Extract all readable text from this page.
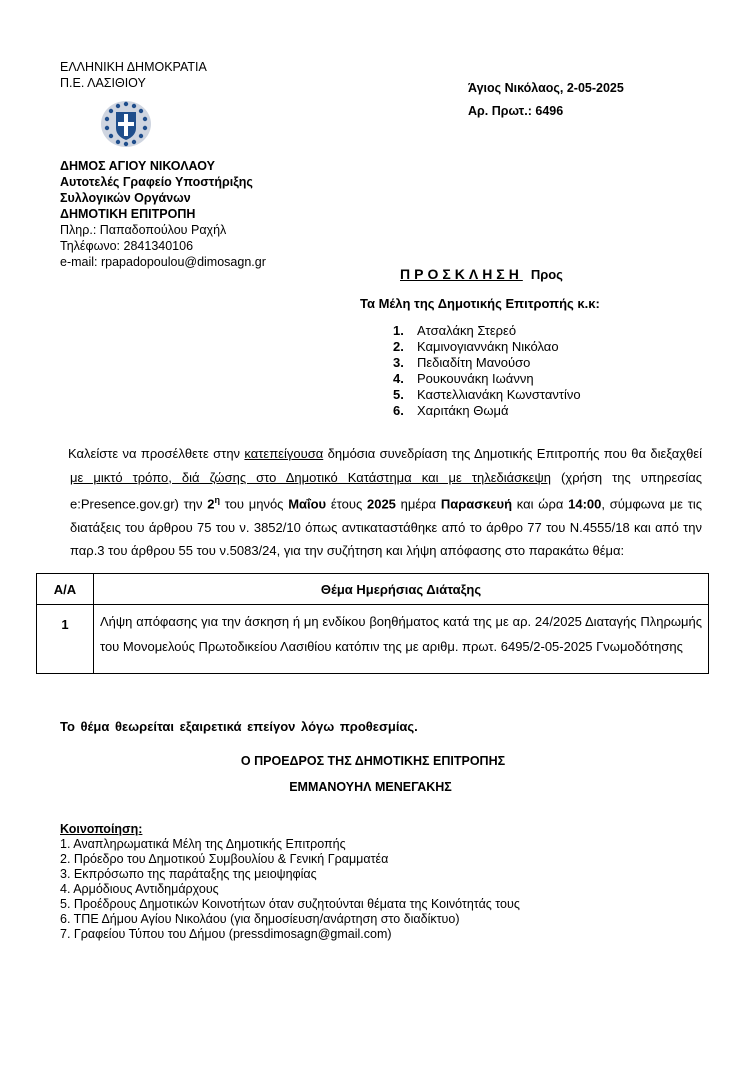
ΕΛΛΗΝΙΚΗ ΔΗΜΟΚΡΑΤΙΑ
Π.Ε. ΛΑΣΙΘΙΟΥ
ΔΗΜΟΣ ΑΓΙΟΥ ΝΙΚΟΛΑΟΥ
Αυτοτελές Γραφείο Υποστήριξης
Συλλογικών Οργάνων
ΔΗΜΟΤΙΚΗ ΕΠΙΤΡΟΠΗ
Πληρ.: Παπαδοπούλου Ραχήλ
Τηλέφωνο: 2841340106
e-mail: rpapadopoulou@dimosagn.gr
Άγιος Νικόλαος, 2-05-2025
Αρ. Πρωτ.: 6496
ΠΡΟΣΚΛΗΣΗ Προς
Τα Μέλη της Δημοτικής Επιτροπής κ.κ:
1.	Ατσαλάκη Στερεό
2.	Καμινογιαννάκη Νικόλαο
3.	Πεδιαδίτη Μανούσο
4.	Ρουκουνάκη Ιωάννη
5.	Καστελλιανάκη Κωνσταντίνο
6.	Χαριτάκη Θωμά
Καλείστε να προσέλθετε στην κατεπείγουσα δημόσια συνεδρίαση της Δημοτικής Επιτροπής που θα διεξαχθεί με μικτό τρόπο, διά ζώσης στο Δημοτικό Κατάστημα και με τηλεδιάσκεψη (χρήση της υπηρεσίας e:Presence.gov.gr) την $2^\eta$ του μηνός Μαΐου έτους 2025 ημέρα Παρασκευή και ώρα 14:00, σύμφωνα με τις διατάξεις του άρθρου 75 του ν. 3852/10 όπως αντικαταστάθηκε από το άρθρο 77 του Ν.4555/18 και από την παρ.3 του άρθρου 55 του ν.5083/24, για την συζήτηση και λήψη απόφασης στο παρακάτω θέμα:
Α/Α	Θέμα Ημερήσιας Διάταξης
1	Λήψη απόφασης για την άσκηση ή μη ενδίκου βοηθήματος κατά της με αρ. 24/2025 Διαταγής Πληρωμής του Μονομελούς Πρωτοδικείου Λασιθίου κατόπιν της με αριθμ. πρωτ. 6495/2-05-2025 Γνωμοδότησης
Το θέμα θεωρείται εξαιρετικά επείγον λόγω προθεσμίας.
Ο ΠΡΟΕΔΡΟΣ ΤΗΣ ΔΗΜΟΤΙΚΗΣ ΕΠΙΤΡΟΠΗΣ
ΕΜΜΑΝΟΥΗΛ ΜΕΝΕΓΑΚΗΣ
Κοινοποίηση:
1. Αναπληρωματικά Μέλη της Δημοτικής Επιτροπής
2. Πρόεδρο του Δημοτικού Συμβουλίου & Γενική Γραμματέα
3. Εκπρόσωπο της παράταξης της μειοψηφίας
4. Αρμόδιους Αντιδημάρχους
5. Προέδρους Δημοτικών Κοινοτήτων όταν συζητούνται θέματα της Κοινότητάς τους
6. ΤΠΕ Δήμου Αγίου Νικολάου (για δημοσίευση/ανάρτηση στο διαδίκτυο)
7. Γραφείου Τύπου του Δήμου (pressdimosagn@gmail.com)
